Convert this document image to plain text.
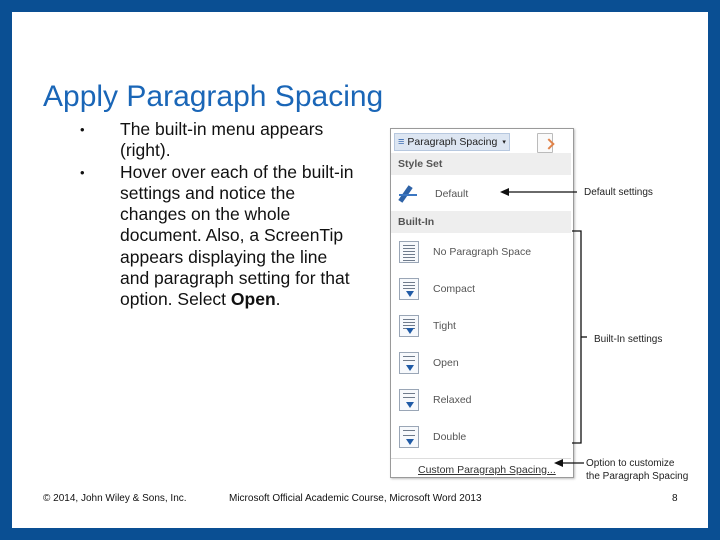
Apply Paragraph Spacing

•	The built-in menu appears (right).

•	Hover over each of the built-in settings and notice the changes on the whole document. Also, a ScreenTip appears displaying the line and paragraph setting for that option. Select Open.

≡ Paragraph Spacing ▾
Style Set
Default
Built-In
No Paragraph Space
Compact
Tight
Open
Relaxed
Double
Custom Paragraph Spacing...
Default settings
Built-In settings
Option to customize
the Paragraph Spacing
© 2014, John Wiley & Sons, Inc.	Microsoft Official Academic Course, Microsoft Word 2013	8
